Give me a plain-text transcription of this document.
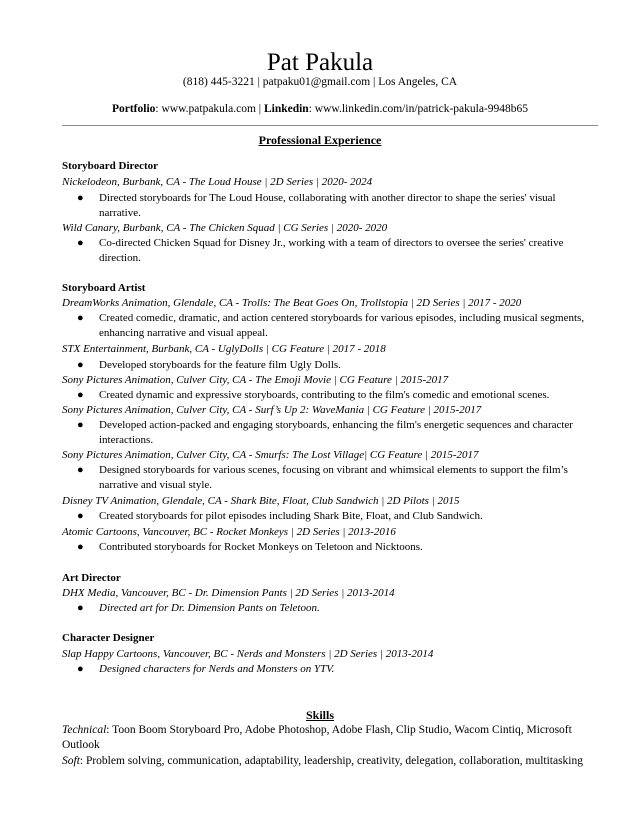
Pat Pakula
(818) 445-3221 | patpaku01@gmail.com | Los Angeles, CA
Portfolio: www.patpakula.com | Linkedin: www.linkedin.com/in/patrick-pakula-9948b65
Professional Experience
Storyboard Director
Nickelodeon, Burbank, CA - The Loud House | 2D Series | 2020- 2024
● Directed storyboards for The Loud House, collaborating with another director to shape the series' visual narrative.
Wild Canary, Burbank, CA - The Chicken Squad | CG Series | 2020- 2020
● Co-directed Chicken Squad for Disney Jr., working with a team of directors to oversee the series' creative direction.
Storyboard Artist
DreamWorks Animation, Glendale, CA - Trolls: The Beat Goes On, Trollstopia | 2D Series | 2017 - 2020
● Created comedic, dramatic, and action centered storyboards for various episodes, including musical segments, enhancing narrative and visual appeal.
STX Entertainment, Burbank, CA - UglyDolls | CG Feature | 2017 - 2018
● Developed storyboards for the feature film Ugly Dolls.
Sony Pictures Animation, Culver City, CA - The Emoji Movie | CG Feature | 2015-2017
● Created dynamic and expressive storyboards, contributing to the film's comedic and emotional scenes.
Sony Pictures Animation, Culver City, CA - Surf’s Up 2: WaveMania | CG Feature | 2015-2017
● Developed action-packed and engaging storyboards, enhancing the film's energetic sequences and character interactions.
Sony Pictures Animation, Culver City, CA - Smurfs: The Lost Village| CG Feature | 2015-2017
● Designed storyboards for various scenes, focusing on vibrant and whimsical elements to support the film’s narrative and visual style.
Disney TV Animation, Glendale, CA - Shark Bite, Float, Club Sandwich | 2D Pilots | 2015
● Created storyboards for pilot episodes including Shark Bite, Float, and Club Sandwich.
Atomic Cartoons, Vancouver, BC - Rocket Monkeys | 2D Series | 2013-2016
● Contributed storyboards for Rocket Monkeys on Teletoon and Nicktoons.
Art Director
DHX Media, Vancouver, BC - Dr. Dimension Pants | 2D Series | 2013-2014
● Directed art for Dr. Dimension Pants on Teletoon.
Character Designer
Slap Happy Cartoons, Vancouver, BC - Nerds and Monsters | 2D Series | 2013-2014
● Designed characters for Nerds and Monsters on YTV.
Skills
Technical: Toon Boom Storyboard Pro, Adobe Photoshop, Adobe Flash, Clip Studio, Wacom Cintiq, Microsoft Outlook
Soft: Problem solving, communication, adaptability, leadership, creativity, delegation, collaboration, multitasking
